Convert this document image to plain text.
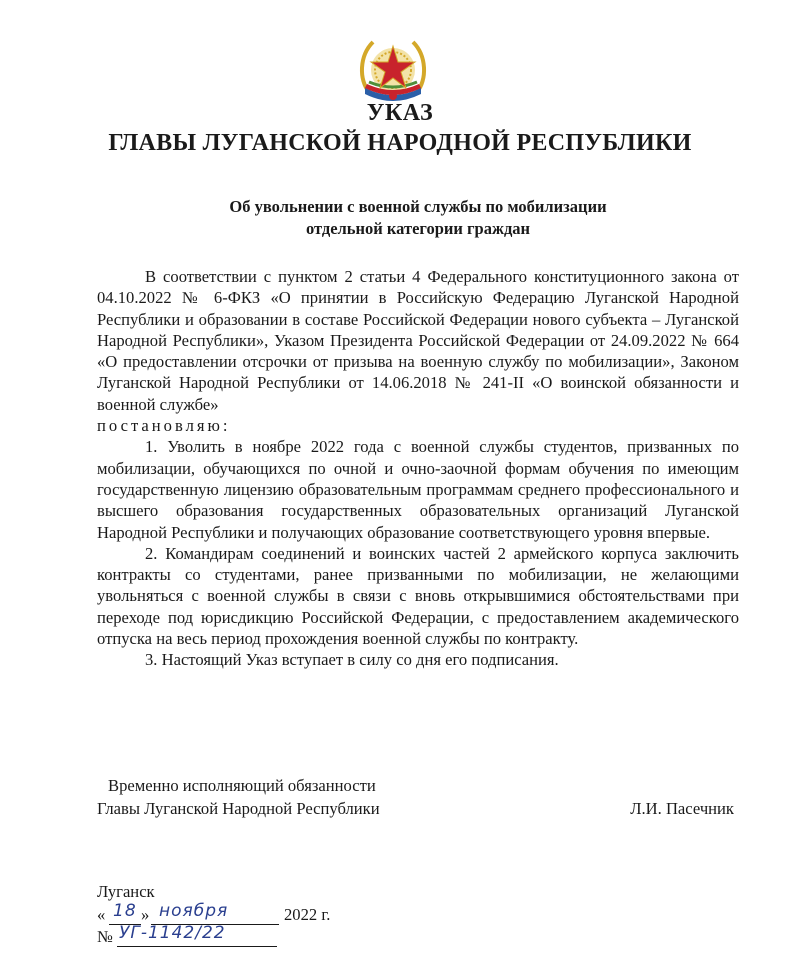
УКАЗ
ГЛАВЫ ЛУГАНСКОЙ НАРОДНОЙ РЕСПУБЛИКИ
Об увольнении с военной службы по мобилизации
отдельной категории граждан

В соответствии с пунктом 2 статьи 4 Федерального конституционного закона от 04.10.2022 № 6-ФКЗ «О принятии в Российскую Федерацию Луганской Народной Республики и образовании в составе Российской Федерации нового субъекта – Луганской Народной Республики», Указом Президента Российской Федерации от 24.09.2022 № 664 «О предоставлении отсрочки от призыва на военную службу по мобилизации», Законом Луганской Народной Республики от 14.06.2018 № 241-II «О воинской обязанности и военной службе»

постановляю:

1. Уволить в ноябре 2022 года с военной службы студентов, призванных по мобилизации, обучающихся по очной и очно-заочной формам обучения по имеющим государственную лицензию образовательным программам среднего профессионального и высшего образования государственных образовательных организаций Луганской Народной Республики и получающих образование соответствующего уровня впервые.

2. Командирам соединений и воинских частей 2 армейского корпуса заключить контракты со студентами, ранее призванными по мобилизации, не желающими увольняться с военной службы в связи с вновь открывшимися обстоятельствами при переходе под юрисдикцию Российской Федерации, с предоставлением академического отпуска на весь период прохождения военной службы по контракту.

3. Настоящий Указ вступает в силу со дня его подписания.

Временно исполняющий обязанности
Главы Луганской Народной Республики	Л.И. Пасечник
Луганск
« 18 » ноября	2022 г.
№ УГ-1142/22
